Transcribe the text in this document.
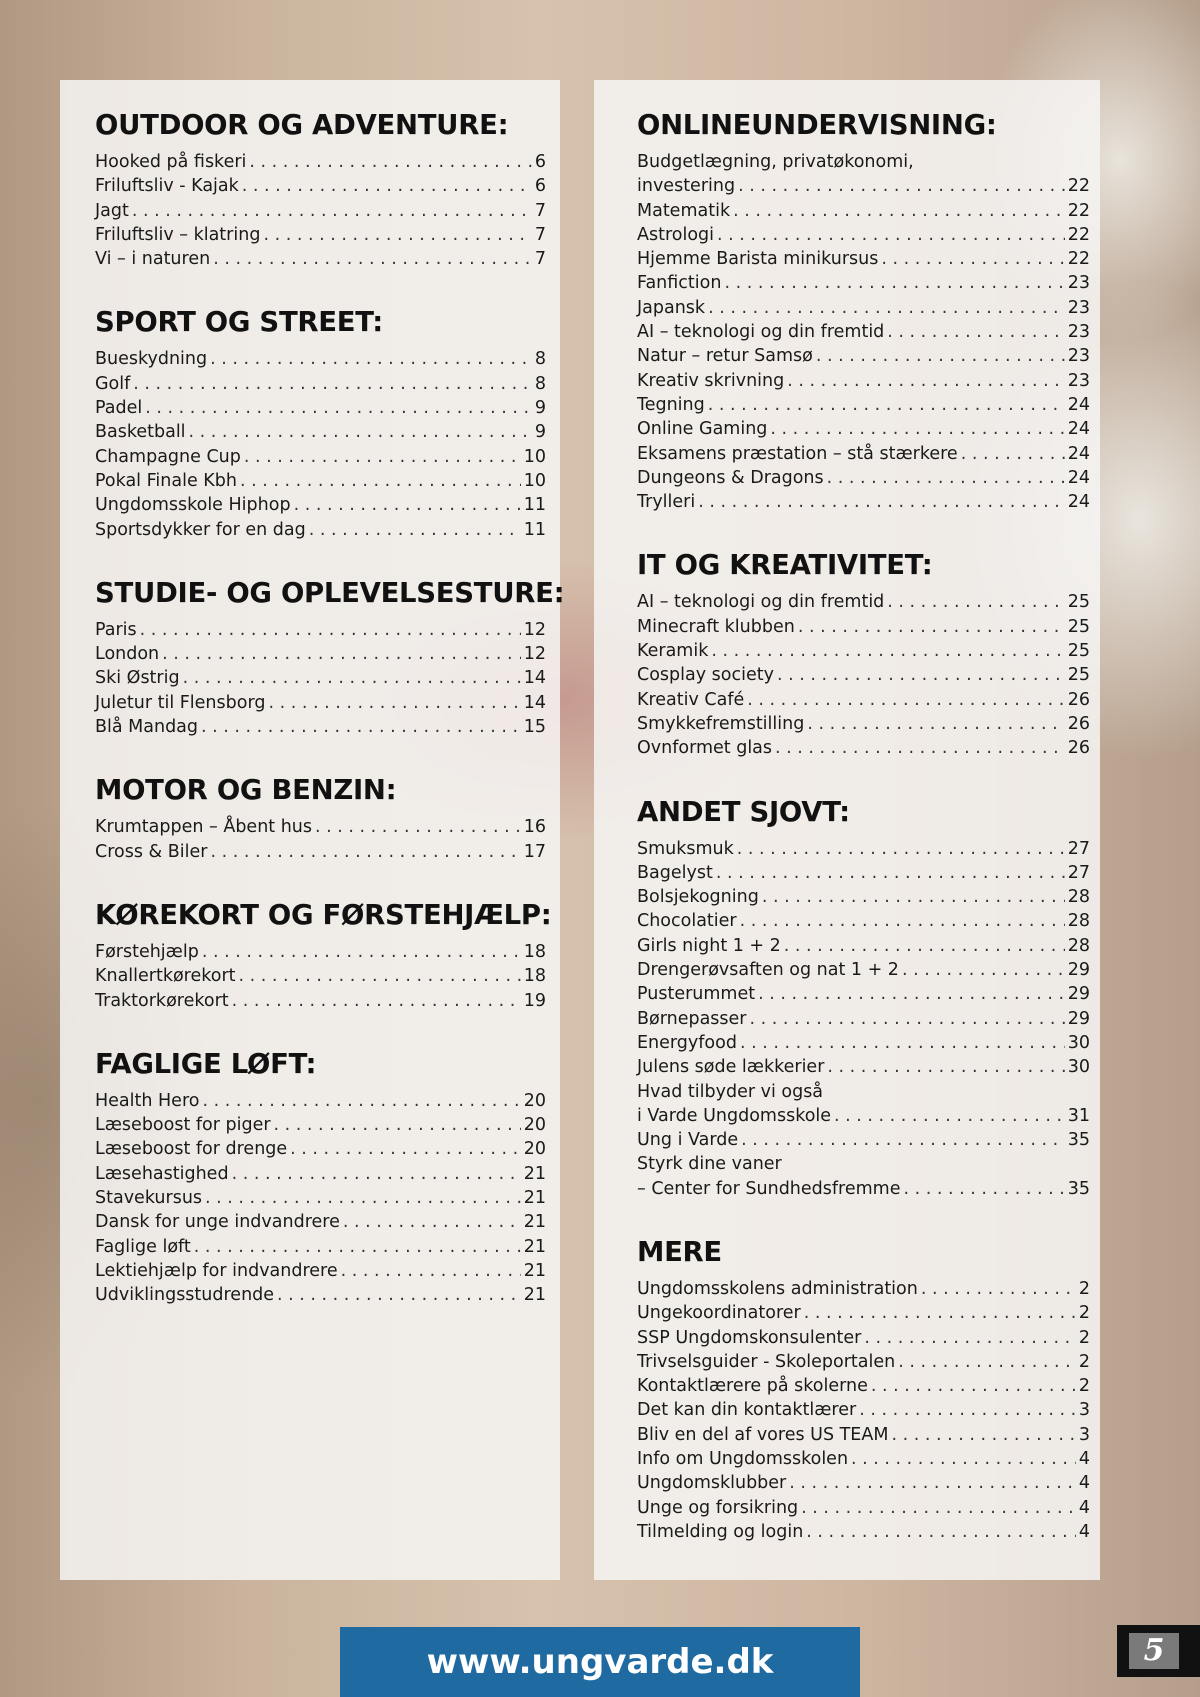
OUTDOOR OG ADVENTURE:
Hooked på fiskeri . . .	6
Friluftsliv - Kajak . . .	6
Jagt . . .	7
Friluftsliv – klatring . . .	7
Vi – i naturen . . .	7
SPORT OG STREET:
Bueskydning . . .	8
Golf . . .	8
Padel . . .	9
Basketball . . .	9
Champagne Cup . . .	10
Pokal Finale Kbh . . .	10
Ungdomsskole Hiphop . . .	11
Sportsdykker for en dag . . .	11
STUDIE- OG OPLEVELSESTURE:
Paris . . .	12
London . . .	12
Ski Østrig . . .	14
Juletur til Flensborg . . .	14
Blå Mandag . . .	15
MOTOR OG BENZIN:
Krumtappen – Åbent hus . . .	16
Cross & Biler . . .	17
KØREKORT OG FØRSTEHJÆLP:
Førstehjælp . . .	18
Knallertkørekort . . .	18
Traktorkørekort . . .	19
FAGLIGE LØFT:
Health Hero . . .	20
Læseboost for piger . . .	20
Læseboost for drenge . . .	20
Læsehastighed . . .	21
Stavekursus . . .	21
Dansk for unge indvandrere . . .	21
Faglige løft . . .	21
Lektiehjælp for indvandrere . . .	21
Udviklingsstudrende . . .	21
ONLINEUNDERVISNING:
Budgetlægning, privatøkonomi,
investering . . .	22
Matematik . . .	22
Astrologi . . .	22
Hjemme Barista minikursus . . .	22
Fanfiction . . .	23
Japansk . . .	23
AI – teknologi og din fremtid . . .	23
Natur – retur Samsø . . .	23
Kreativ skrivning . . .	23
Tegning . . .	24
Online Gaming . . .	24
Eksamens præstation – stå stærkere . . .	24
Dungeons & Dragons . . .	24
Trylleri . . .	24
IT OG KREATIVITET:
AI – teknologi og din fremtid . . .	25
Minecraft klubben . . .	25
Keramik . . .	25
Cosplay society . . .	25
Kreativ Café . . .	26
Smykkefremstilling . . .	26
Ovnformet glas . . .	26
ANDET SJOVT:
Smuksmuk . . .	27
Bagelyst . . .	27
Bolsjekogning . . .	28
Chocolatier . . .	28
Girls night 1 + 2 . . .	28
Drengerøvsaften og nat 1 + 2 . . .	29
Pusterummet . . .	29
Børnepasser . . .	29
Energyfood . . .	30
Julens søde lækkerier . . .	30
Hvad tilbyder vi også
i Varde Ungdomsskole . . .	31
Ung i Varde . . .	35
Styrk dine vaner
– Center for Sundhedsfremme . . .	35
MERE
Ungdomsskolens administration . . .	2
Ungekoordinatorer . . .	2
SSP Ungdomskonsulenter . . .	2
Trivselsguider - Skoleportalen . . .	2
Kontaktlærere på skolerne . . .	2
Det kan din kontaktlærer . . .	3
Bliv en del af vores US TEAM . . .	3
Info om Ungdomsskolen . . .	4
Ungdomsklubber . . .	4
Unge og forsikring . . .	4
Tilmelding og login . . .	4
www.ungvarde.dk	5
